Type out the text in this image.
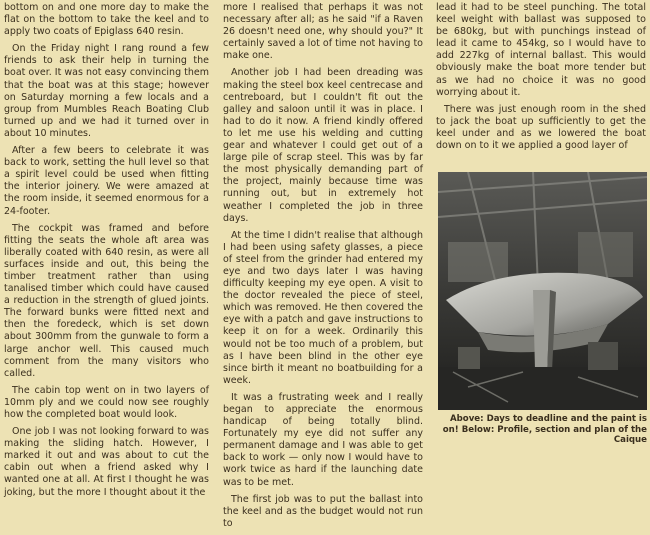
bottom on and one more day to make the flat on the bottom to take the keel and to apply two coats of Epiglass 640 resin.

On the Friday night I rang round a few friends to ask their help in turning the boat over. It was not easy convincing them that the boat was at this stage; however on Saturday morning a few locals and a group from Mumbles Reach Boating Club turned up and we had it turned over in about 10 minutes.

After a few beers to celebrate it was back to work, setting the hull level so that a spirit level could be used when fitting the interior joinery. We were amazed at the room inside, it seemed enormous for a 24-footer.

The cockpit was framed and before fitting the seats the whole aft area was liberally coated with 640 resin, as were all surfaces inside and out, this being the timber treatment rather than using tanalised timber which could have caused a reduction in the strength of glued joints. The forward bunks were fitted next and then the foredeck, which is set down about 300mm from the gunwale to form a large anchor well. This caused much comment from the many visitors who called.

The cabin top went on in two layers of 10mm ply and we could now see roughly how the completed boat would look.

One job I was not looking forward to was making the sliding hatch. However, I marked it out and was about to cut the cabin out when a friend asked why I wanted one at all. At first I thought he was joking, but the more I thought about it the

more I realised that perhaps it was not necessary after all; as he said "if a Raven 26 doesn't need one, why should you?" It certainly saved a lot of time not having to make one.

Another job I had been dreading was making the steel box keel centrecase and centreboard, but I couldn't fit out the galley and saloon until it was in place. I had to do it now. A friend kindly offered to let me use his welding and cutting gear and whatever I could get out of a large pile of scrap steel. This was by far the most physically demanding part of the project, mainly because time was running out, but in extremely hot weather I completed the job in three days.

At the time I didn't realise that although I had been using safety glasses, a piece of steel from the grinder had entered my eye and two days later I was having difficulty keeping my eye open. A visit to the doctor revealed the piece of steel, which was removed. He then covered the eye with a patch and gave instructions to keep it on for a week. Ordinarily this would not be too much of a problem, but as I have been blind in the other eye since birth it meant no boatbuilding for a week.

It was a frustrating week and I really began to appreciate the enormous handicap of being totally blind. Fortunately my eye did not suffer any permanent damage and I was able to get back to work — only now I would have to work twice as hard if the launching date was to be met.

The first job was to put the ballast into the keel and as the budget would not run to

lead it had to be steel punching. The total keel weight with ballast was supposed to be 680kg, but with punchings instead of lead it came to 454kg, so I would have to add 227kg of internal ballast. This would obviously make the boat more tender but as we had no choice it was no good worrying about it.

There was just enough room in the shed to jack the boat up sufficiently to get the keel under and as we lowered the boat down on to it we applied a good layer of

Above: Days to deadline and the paint is on! Below: Profile, section and plan of the Caique
